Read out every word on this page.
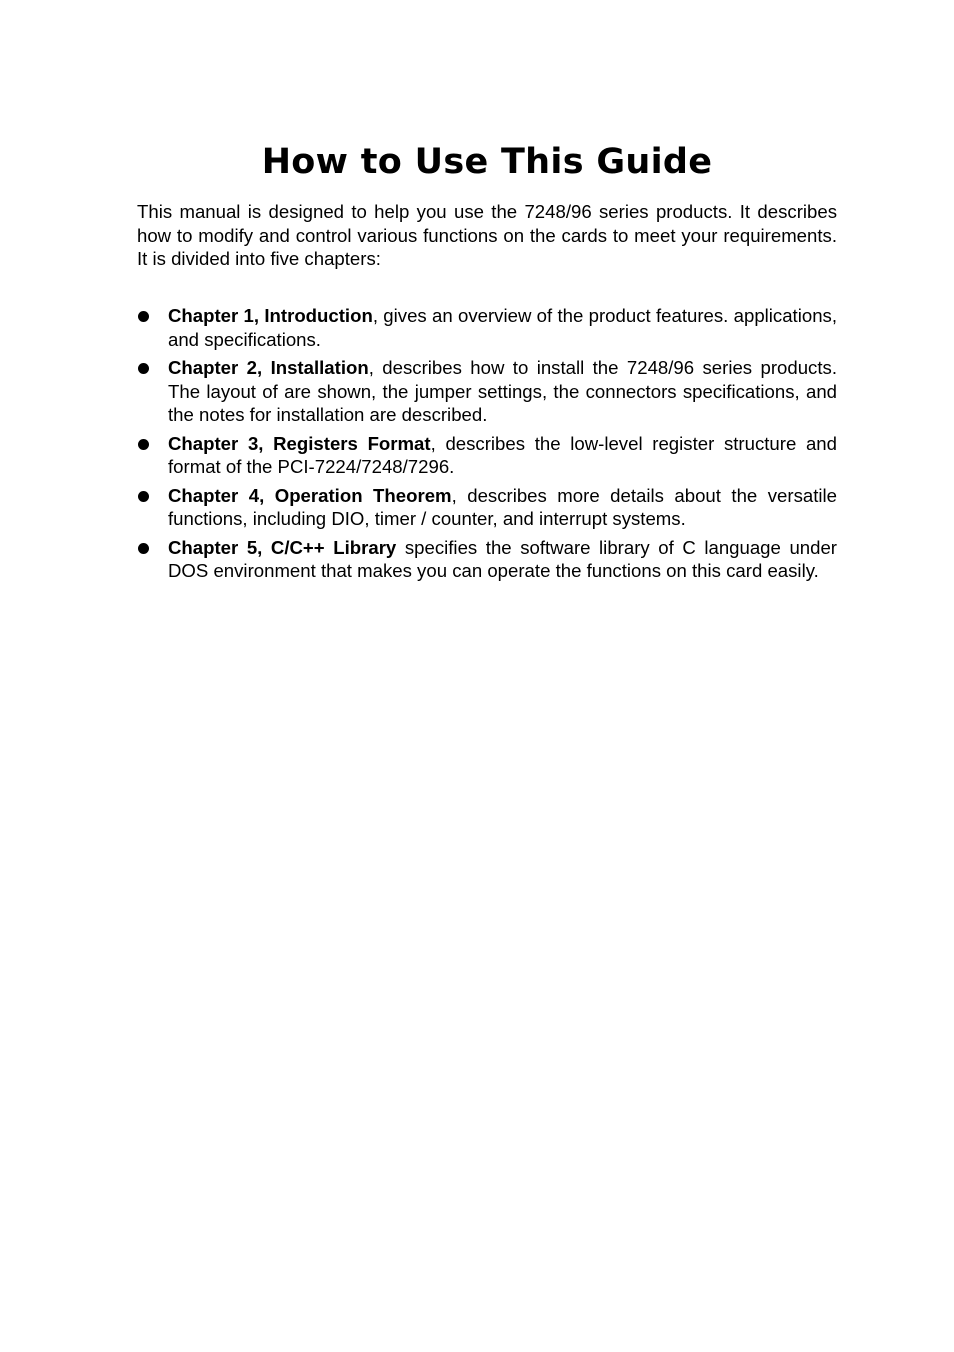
How to Use This Guide

This manual is designed to help you use the 7248/96 series products. It describes how to modify and control various functions on the cards to meet your requirements. It is divided into five chapters:

Chapter 1, Introduction, gives an overview of the product features. applications, and specifications.
Chapter 2, Installation, describes how to install the 7248/96 series products. The layout of are shown, the jumper settings, the connectors specifications, and the notes for installation are described.
Chapter 3, Registers Format, describes the low-level register structure and format of the PCI-7224/7248/7296.
Chapter 4, Operation Theorem, describes more details about the versatile functions, including DIO, timer / counter, and interrupt systems.
Chapter 5, C/C++ Library specifies the software library of C language under DOS environment that makes you can operate the functions on this card easily.
